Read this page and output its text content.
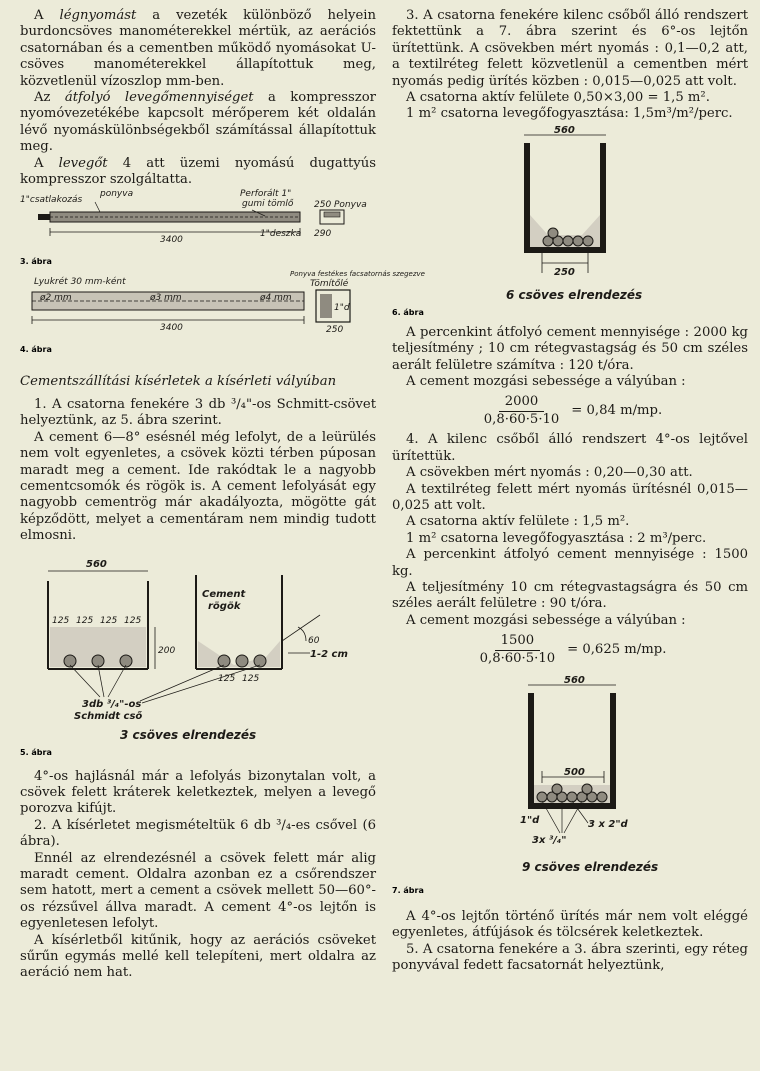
A légnyomást a vezeték különböző helyein burdoncsöves manométerekkel mértük, az aerációs csatornában és a cementben működő nyomásokat U-csöves manométerekkel állapítottuk meg, közvetlenül vízoszlop mm-ben.

Az átfolyó levegőmennyiséget a kompresszor nyomóvezetékébe kapcsolt mérőperem két oldalán lévő nyomáskülönbségekből számítással állapítottuk meg.

A levegőt 4 att üzemi nyomású dugattyús kompresszor szolgáltatta.

1"csatlakozás
ponyva	Perforált 1"
gumi tömlő 250 Ponyva
1"deszka 290
3400
3. ábra
Lyukrét 30 mm-ként
Ponyva festékes facsatornás szegezve
Tömítőlé
ø2 mm	ø3 mm	ø4 mm
3400	250
1"d
4. ábra

Cementszállítási kísérletek a kísérleti vályúban

1. A csatorna fenekére 3 db ³/₄"-os Schmitt-csövet helyeztünk, az 5. ábra szerint.

A cement 6—8° esésnél még lefolyt, de a leürülés nem volt egyenletes, a csövek közti térben púposan maradt meg a cement. Ide rakódtak le a nagyobb cementcsomók és rögök is. A cement lefolyását egy nagyobb cementrög már akadályozta, mögötte gát képződött, melyet a cementáram nem mindig tudott elmosni.

560
125 125 125 125
200
Cement
rögök
60
1-2 cm
125 125
3db ³/₄"-os
Schmidt cső
3 csöves elrendezés
5. ábra

4°-os hajlásnál már a lefolyás bizonytalan volt, a csövek felett kráterek keletkeztek, melyen a levegő porozva kifújt.

2. A kísérletet megismételtük 6 db ³/₄-es csővel (6 ábra).

Ennél az elrendezésnél a csövek felett már alig maradt cement. Oldalra azonban ez a csőrendszer sem hatott, mert a cement a csövek mellett 50—60°-os rézsűvel állva maradt. A cement 4°-os lejtőn is egyenletesen lefolyt.

A kísérletből kitűnik, hogy az aerációs csöveket sűrűn egymás mellé kell telepíteni, mert oldalra az aeráció nem hat.

3. A csatorna fenekére kilenc csőből álló rendszert fektettünk a 7. ábra szerint és 6°-os lejtőn ürítettünk. A csövekben mért nyomás : 0,1—0,2 att, a textilréteg felett közvetlenül a cementben mért nyomás pedig ürítés közben : 0,015—0,025 att volt.

A csatorna aktív felülete 0,50×3,00 = 1,5 m².

1 m² csatorna levegőfogyasztása: 1,5m³/m²/perc.

560
250
6 csöves elrendezés
6. ábra

A percenkint átfolyó cement mennyisége : 2000 kg teljesítmény ; 10 cm rétegvastagság és 50 cm széles aerált felületre számítva : 120 t/óra.

A cement mozgási sebessége a vályúban :

$\frac{2000}{0,8\cdot 60\cdot 5\cdot 10} = 0,84$ m/mp.

4. A kilenc csőből álló rendszert 4°-os lejtővel ürítettük.

A csövekben mért nyomás : 0,20—0,30 att.

A textilréteg felett mért nyomás ürítésnél 0,015—0,025 att volt.

A csatorna aktív felülete : 1,5 m².

1 m² csatorna levegőfogyasztása : 2 m³/perc.

A percenkint átfolyó cement mennyisége : 1500 kg.

A teljesítmény 10 cm rétegvastagságra és 50 cm széles aerált felületre : 90 t/óra.

A cement mozgási sebessége a vályúban :

$\frac{1500}{0,8\cdot 60\cdot 5\cdot 10} = 0,625$ m/mp.
560
500
1"d
3x ³/₄"
3 x 2"d
9 csöves elrendezés
7. ábra

A 4°-os lejtőn történő ürítés már nem volt eléggé egyenletes, átfújások és tölcsérek keletkeztek.

5. A csatorna fenekére a 3. ábra szerinti, egy réteg ponyvával fedett facsatornát helyeztünk,
